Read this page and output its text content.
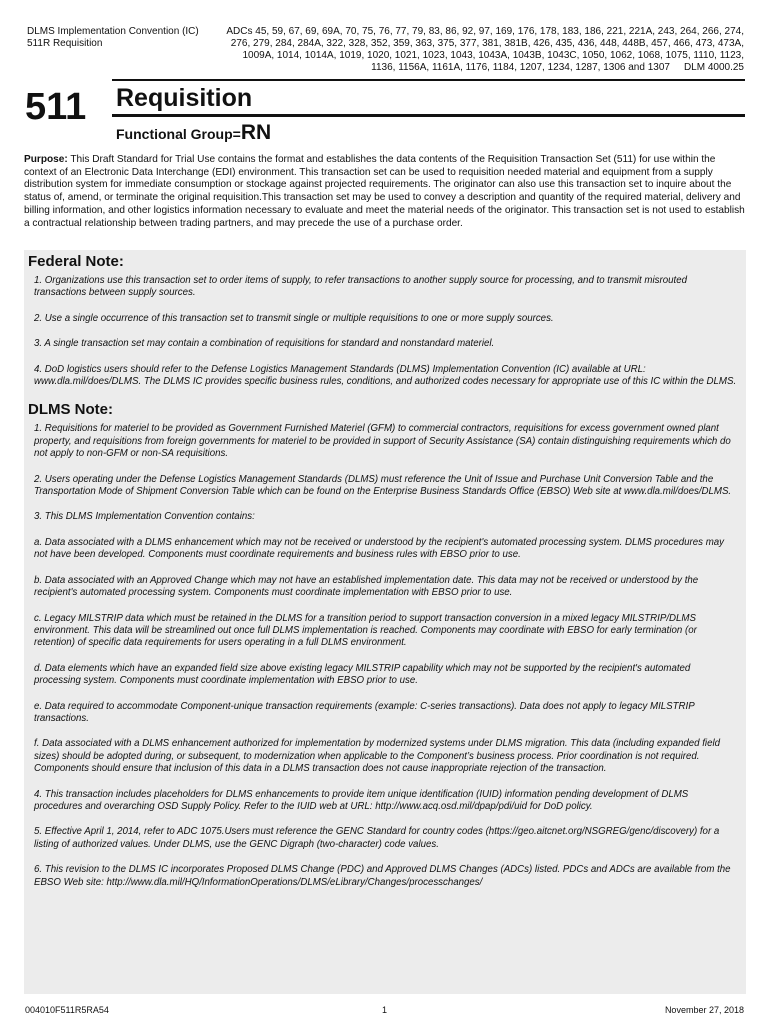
DLMS Implementation Convention (IC)
511R Requisition
ADCs 45, 59, 67, 69, 69A, 70, 75, 76, 77, 79, 83, 86, 92, 97, 169, 176, 178, 183, 186, 221, 221A, 243, 264, 266, 274,
276, 279, 284, 284A, 322, 328, 352, 359, 363, 375, 377, 381, 381B, 426, 435, 436, 448, 448B, 457, 466, 473, 473A,
1009A, 1014, 1014A, 1019, 1020, 1021, 1023, 1043, 1043A, 1043B, 1043C, 1050, 1062, 1068, 1075, 1110, 1123,
1136, 1156A, 1161A, 1176, 1184, 1207, 1234, 1287, 1306 and 1307 DLM 4000.25
511 Requisition
Functional Group=RN
Purpose: This Draft Standard for Trial Use contains the format and establishes the data contents of the Requisition Transaction Set (511) for use within the context of an Electronic Data Interchange (EDI) environment. This transaction set can be used to requisition needed material and equipment from a supply distribution system for immediate consumption or stockage against projected requirements. The originator can also use this transaction set to inquire about the status of, amend, or terminate the original requisition.This transaction set may be used to convey a description and quantity of the required material, delivery and billing information, and other logistics information necessary to evaluate and meet the material needs of the originator. This transaction set is not used to establish a contractual relationship between trading partners, and may precede the use of a purchase order.
Federal Note:
1. Organizations use this transaction set to order items of supply, to refer transactions to another supply source for processing, and to transmit misrouted transactions between supply sources.
2. Use a single occurrence of this transaction set to transmit single or multiple requisitions to one or more supply sources.
3. A single transaction set may contain a combination of requisitions for standard and nonstandard materiel.
4. DoD logistics users should refer to the Defense Logistics Management Standards (DLMS) Implementation Convention (IC) available at URL: www.dla.mil/does/DLMS. The DLMS IC provides specific business rules, conditions, and authorized codes necessary for appropriate use of this IC within the DLMS.
DLMS Note:
1. Requisitions for materiel to be provided as Government Furnished Materiel (GFM) to commercial contractors, requisitions for excess government owned plant property, and requisitions from foreign governments for materiel to be provided in support of Security Assistance (SA) contain distinguishing requirements which do not apply to non-GFM or non-SA requisitions.
2. Users operating under the Defense Logistics Management Standards (DLMS) must reference the Unit of Issue and Purchase Unit Conversion Table and the Transportation Mode of Shipment Conversion Table which can be found on the Enterprise Business Standards Office (EBSO) Web site at www.dla.mil/does/DLMS.
3. This DLMS Implementation Convention contains:
a. Data associated with a DLMS enhancement which may not be received or understood by the recipient's automated processing system. DLMS procedures may not have been developed. Components must coordinate requirements and business rules with EBSO prior to use.
b. Data associated with an Approved Change which may not have an established implementation date. This data may not be received or understood by the recipient's automated processing system. Components must coordinate implementation with EBSO prior to use.
c. Legacy MILSTRIP data which must be retained in the DLMS for a transition period to support transaction conversion in a mixed legacy MILSTRIP/DLMS environment. This data will be streamlined out once full DLMS implementation is reached. Components may coordinate with EBSO for early termination (or retention) of specific data requirements for users operating in a full DLMS environment.
d. Data elements which have an expanded field size above existing legacy MILSTRIP capability which may not be supported by the recipient's automated processing system. Components must coordinate implementation with EBSO prior to use.
e. Data required to accommodate Component-unique transaction requirements (example: C-series transactions). Data does not apply to legacy MILSTRIP transactions.
f. Data associated with a DLMS enhancement authorized for implementation by modernized systems under DLMS migration. This data (including expanded field sizes) should be adopted during, or subsequent, to modernization when applicable to the Component’s business process. Prior coordination is not required. Components should ensure that inclusion of this data in a DLMS transaction does not cause inappropriate rejection of the transaction.
4. This transaction includes placeholders for DLMS enhancements to provide item unique identification (IUID) information pending development of DLMS procedures and overarching OSD Supply Policy. Refer to the IUID web at URL: http://www.acq.osd.mil/dpap/pdi/uid for DoD policy.
5. Effective April 1, 2014, refer to ADC 1075.Users must reference the GENC Standard for country codes (https://geo.aitcnet.org/NSGREG/genc/discovery) for a listing of authorized values. Under DLMS, use the GENC Digraph (two-character) code values.
6. This revision to the DLMS IC incorporates Proposed DLMS Change (PDC) and Approved DLMS Changes (ADCs) listed. PDCs and ADCs are available from the EBSO Web site: http://www.dla.mil/HQ/InformationOperations/DLMS/eLibrary/Changes/processchanges/
004010F511R5RA54	1	November 27, 2018
